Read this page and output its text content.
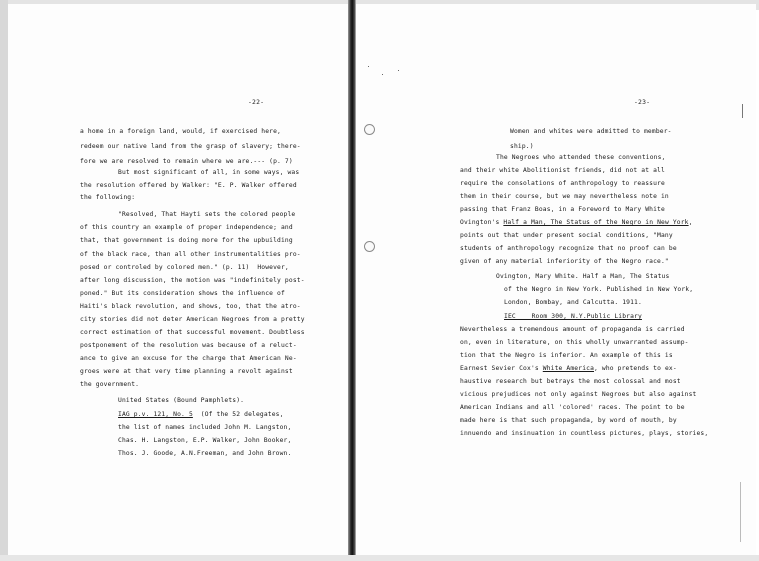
-22-
a home in a foreign land, would, if exercised here,
redeem our native land from the grasp of slavery; there-
fore we are resolved to remain where we are.--- (p. 7)
But most significant of all, in some ways, was
the resolution offered by Walker: "E. P. Walker offered
the following:
"Resolved, That Hayti sets the colored people
of this country an example of proper independence; and
that, that government is doing more for the upbuilding
of the black race, than all other instrumentalities pro-
posed or controled by colored men." (p. 11)  However,
after long discussion, the motion was "indefinitely post-
poned." But its consideration shows the influence of
Haiti's black revolution, and shows, too, that the atro-
city stories did not deter American Negroes from a pretty
correct estimation of that successful movement. Doubtless
postponement of the resolution was because of a reluct-
ance to give an excuse for the charge that American Ne-
groes were at that very time planning a revolt against
the government.
United States (Bound Pamphlets).
IAG p.v. 121, No. 5 (Of the 52 delegates,
the list of names included John M. Langston,
Chas. H. Langston, E.P. Walker, John Booker,
Thos. J. Goode, A.N.Freeman, and John Brown.
-23-
Women and whites were admitted to member-
ship.)
The Negroes who attended these conventions,
and their white Abolitionist friends, did not at all
require the consolations of anthropology to reassure
them in their course, but we may nevertheless note in
passing that Franz Boas, in a Foreword to Mary White
Ovington's Half a Man, The Status of the Negro in New York,
points out that under present social conditions, "Many
students of anthropology recognize that no proof can be
given of any material inferiority of the Negro race."
Ovington, Mary White. Half a Man, The Status
of the Negro in New York. Published in New York,
London, Bombay, and Calcutta. 1911.
IEC    Room 300, N.Y.Public Library
Nevertheless a tremendous amount of propaganda is carried
on, even in literature, on this wholly unwarranted assump-
tion that the Negro is inferior. An example of this is
Earnest Sevier Cox's White America, who pretends to ex-
haustive research but betrays the most colossal and most
vicious prejudices not only against Negroes but also against
American Indians and all 'colored' races. The point to be
made here is that such propaganda, by word of mouth, by
innuendo and insinuation in countless pictures, plays, stories,
